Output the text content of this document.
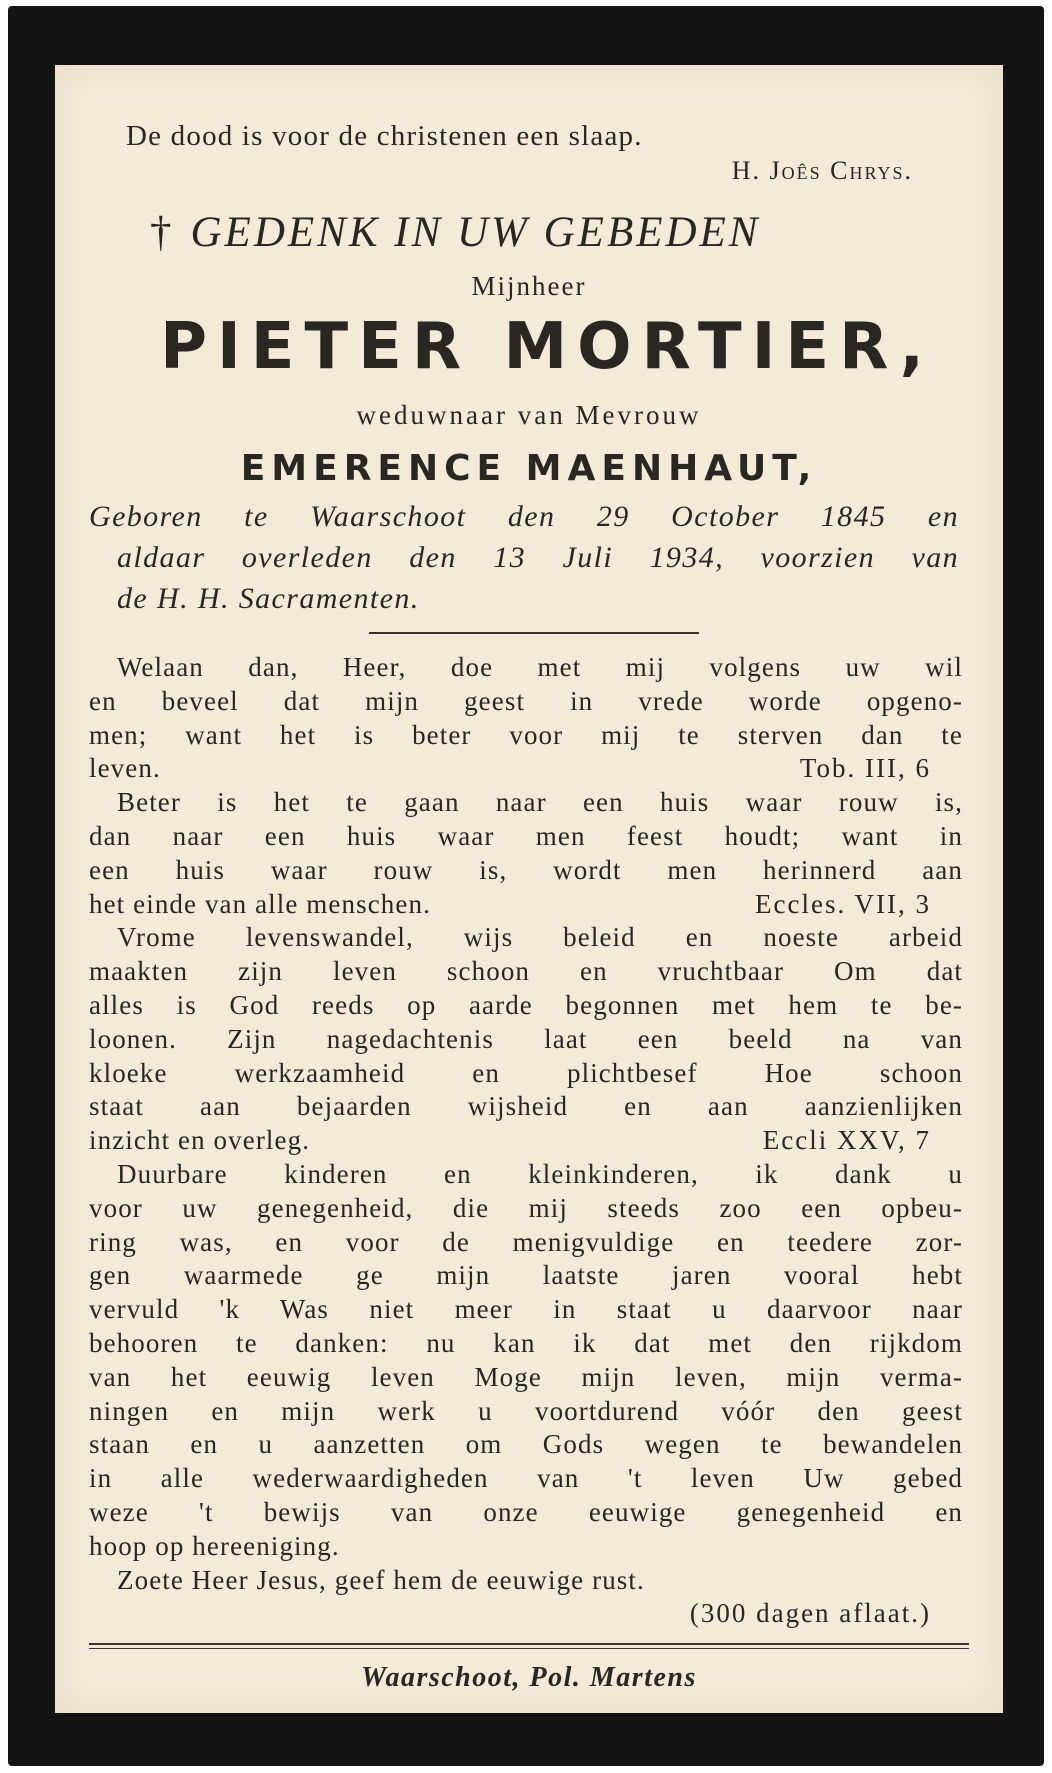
De dood is voor de christenen een slaap.
H. Joês Chrys.
† GEDENK IN UW GEBEDEN
Mijnheer
PIETER MORTIER,
weduwnaar van Mevrouw
EMERENCE MAENHAUT,
Geboren te Waarschoot den 29 October 1845 en
aldaar overleden den 13 Juli 1934, voorzien van
de H. H. Sacramenten.
Welaan dan, Heer, doe met mij volgens uw wil
en beveel dat mijn geest in vrede worde opgeno-
men; want het is beter voor mij te sterven dan te
leven.	Tob. III, 6
Beter is het te gaan naar een huis waar rouw is,
dan naar een huis waar men feest houdt; want in
een huis waar rouw is, wordt men herinnerd aan
het einde van alle menschen.	Eccles. VII, 3
Vrome levenswandel, wijs beleid en noeste arbeid
maakten zijn leven schoon en vruchtbaar Om dat
alles is God reeds op aarde begonnen met hem te be-
loonen. Zijn nagedachtenis laat een beeld na van
kloeke werkzaamheid en plichtbesef Hoe schoon
staat aan bejaarden wijsheid en aan aanzienlijken
inzicht en overleg.	Eccli XXV, 7
Duurbare kinderen en kleinkinderen, ik dank u
voor uw genegenheid, die mij steeds zoo een opbeu-
ring was, en voor de menigvuldige en teedere zor-
gen waarmede ge mijn laatste jaren vooral hebt
vervuld 'k Was niet meer in staat u daarvoor naar
behooren te danken: nu kan ik dat met den rijkdom
van het eeuwig leven Moge mijn leven, mijn verma-
ningen en mijn werk u voortdurend vóór den geest
staan en u aanzetten om Gods wegen te bewandelen
in alle wederwaardigheden van 't leven Uw gebed
weze 't bewijs van onze eeuwige genegenheid en
hoop op hereeniging.
Zoete Heer Jesus, geef hem de eeuwige rust.
(300 dagen aflaat.)
Waarschoot, Pol. Martens
